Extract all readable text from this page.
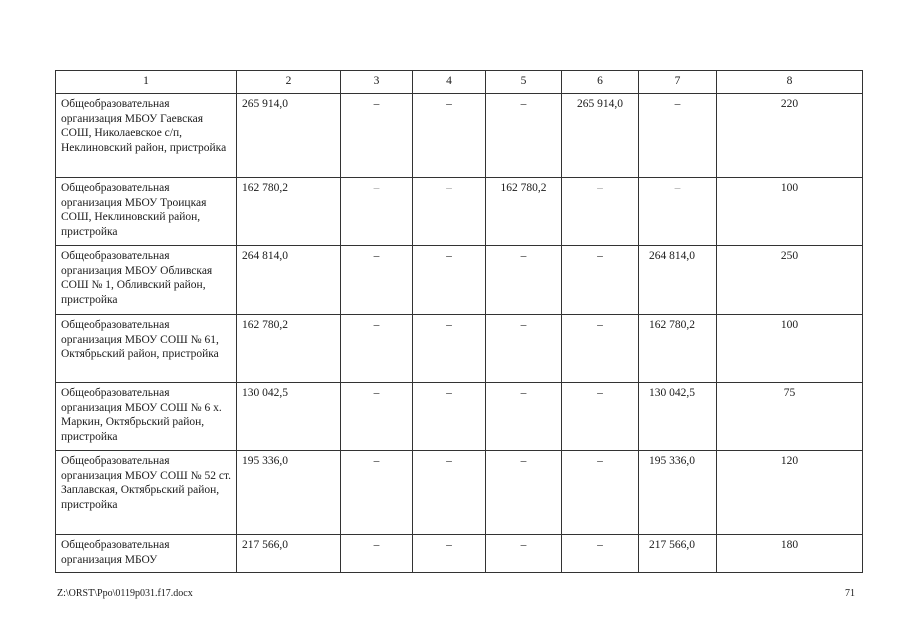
1	2	3	4	5	6	7	8
Общеобразовательная организация МБОУ Гаевская СОШ, Николаевское с/п, Неклиновский район, пристройка	265 914,0	–	–	–	265 914,0	–	220
Общеобразовательная организация МБОУ Троицкая СОШ, Неклиновский район, пристройка	162 780,2	–	–	162 780,2	–	–	100
Общеобразовательная организация МБОУ Обливская СОШ № 1, Обливский район, пристройка	264 814,0	–	–	–	–	264 814,0	250
Общеобразовательная организация МБОУ СОШ № 61, Октябрьский район, пристройка	162 780,2	–	–	–	–	162 780,2	100
Общеобразовательная организация МБОУ СОШ № 6 х. Маркин, Октябрьский район, пристройка	130 042,5	–	–	–	–	130 042,5	75
Общеобразовательная организация МБОУ СОШ № 52 ст. Заплавская, Октябрьский район, пристройка	195 336,0	–	–	–	–	195 336,0	120
Общеобразовательная организация МБОУ	217 566,0	–	–	–	–	217 566,0	180
Z:\ORST\Ppo\0119p031.f17.docx	71
